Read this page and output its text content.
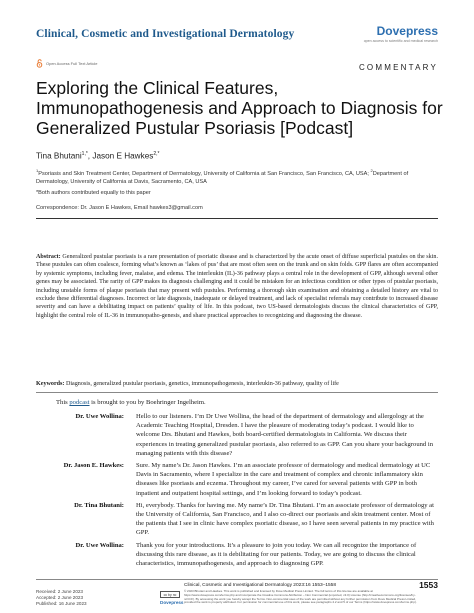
Clinical, Cosmetic and Investigational Dermatology	Dovepress
open access to scientific and medical research
Open Access Full Text Article	COMMENTARY
Exploring the Clinical Features, Immunopathogenesis and Approach to Diagnosis for Generalized Pustular Psoriasis [Podcast]
Tina Bhutani$^{1,*}$, Jason E Hawkes$^{2,*}$
$^1$Psoriasis and Skin Treatment Center, Department of Dermatology, University of California at San Francisco, San Francisco, CA, USA; $^2$Department of Dermatology, University of California at Davis, Sacramento, CA, USA
*Both authors contributed equally to this paper
Correspondence: Dr. Jason E Hawkes, Email hawkes3@gmail.com
Abstract: Generalized pustular psoriasis is a rare presentation of psoriatic disease and is characterized by the acute onset of diffuse superficial pustules on the skin. These pustules can often coalesce, forming what’s known as ‘lakes of pus’ that are most often seen on the trunk and on skin folds. GPP flares are often accompanied by systemic symptoms, including fever, malaise, and edema. The interleukin (IL)-36 pathway plays a central role in the development of GPP, although several other genes may be associated. The rarity of GPP makes its diagnosis challenging and it could be mistaken for an infectious condition or other types of pustular psoriasis, including unstable forms of plaque psoriasis that may present with pustules. Performing a thorough skin examination and obtaining a detailed history are vital to exclude these differential diagnoses. Incorrect or late diagnosis, inadequate or delayed treatment, and lack of specialist referrals may contribute to increased disease severity and can have a debilitating impact on patients’ quality of life. In this podcast, two US-based dermatologists discuss the clinical characteristics of GPP, highlight the central role of IL-36 in immunopatho-genesis, and share practical approaches to recognizing and diagnosing the disease.
Keywords: Diagnosis, generalized pustular psoriasis, genetics, immunopathogenesis, interleukin-36 pathway, quality of life
This podcast is brought to you by Boehringer Ingelheim.
Dr. Uwe Wollina:	Hello to our listeners. I’m Dr Uwe Wollina, the head of the department of dermatology and allergology at the Academic Teaching Hospital, Dresden. I have the pleasure of moderating today’s podcast. I would like to welcome Drs. Bhutani and Hawkes, both board-certified dermatologists in California. We discuss their experiences in treating generalized pustular psoriasis, also referred to as GPP. Can you share your background in managing patients with this disease?
Dr. Jason E. Hawkes:	Sure. My name’s Dr. Jason Hawkes. I’m an associate professor of dermatology and medical dermatology at UC Davis in Sacramento, where I specialize in the care and treatment of complex and chronic inflammatory skin diseases like psoriasis and eczema. Throughout my career, I’ve cared for several patients with GPP in both inpatient and outpatient hospital settings, and I’m looking forward to today’s podcast.
Dr. Tina Bhutani:	Hi, everybody. Thanks for having me. My name’s Dr. Tina Bhutani. I’m an associate professor of dermatology at the University of California, San Francisco, and I also co-direct our psoriasis and skin treatment center. Most of the patients that I see in clinic have complex psoriatic disease, so I have seen several patients in my practice with GPP.
Dr. Uwe Wollina:	Thank you for your introductions. It’s a pleasure to join you today. We can all recognize the importance of discussing this rare disease, as it is debilitating for our patients. Today, we are going to discuss the clinical characteristics, immunopathogenesis, and approach to diagnosing GPP.
Received: 2 June 2023
Accepted: 2 June 2023
Published: 16 June 2023
Clinical, Cosmetic and Investigational Dermatology 2023:16 1553–1558	1553
cc by nc
© 2023 Bhutani and Hawkes. This work is published and licensed by Dove Medical Press Limited. The full terms of this license are available at https://www.dovepress.com/terms.php and incorporate the Creative Commons Attribution – Non Commercial (unported, v3.0) License (http://creativecommons.org/licenses/by-nc/3.0/). By accessing the work you hereby accept the Terms. Non-commercial uses of the work are permitted without any further permission from Dove Medical Press Limited, provided the work is properly attributed. For permission for commercial use of this work, please see paragraphs 4.2 and 5 of our Terms (https://www.dovepress.com/terms.php).
Dovepress
